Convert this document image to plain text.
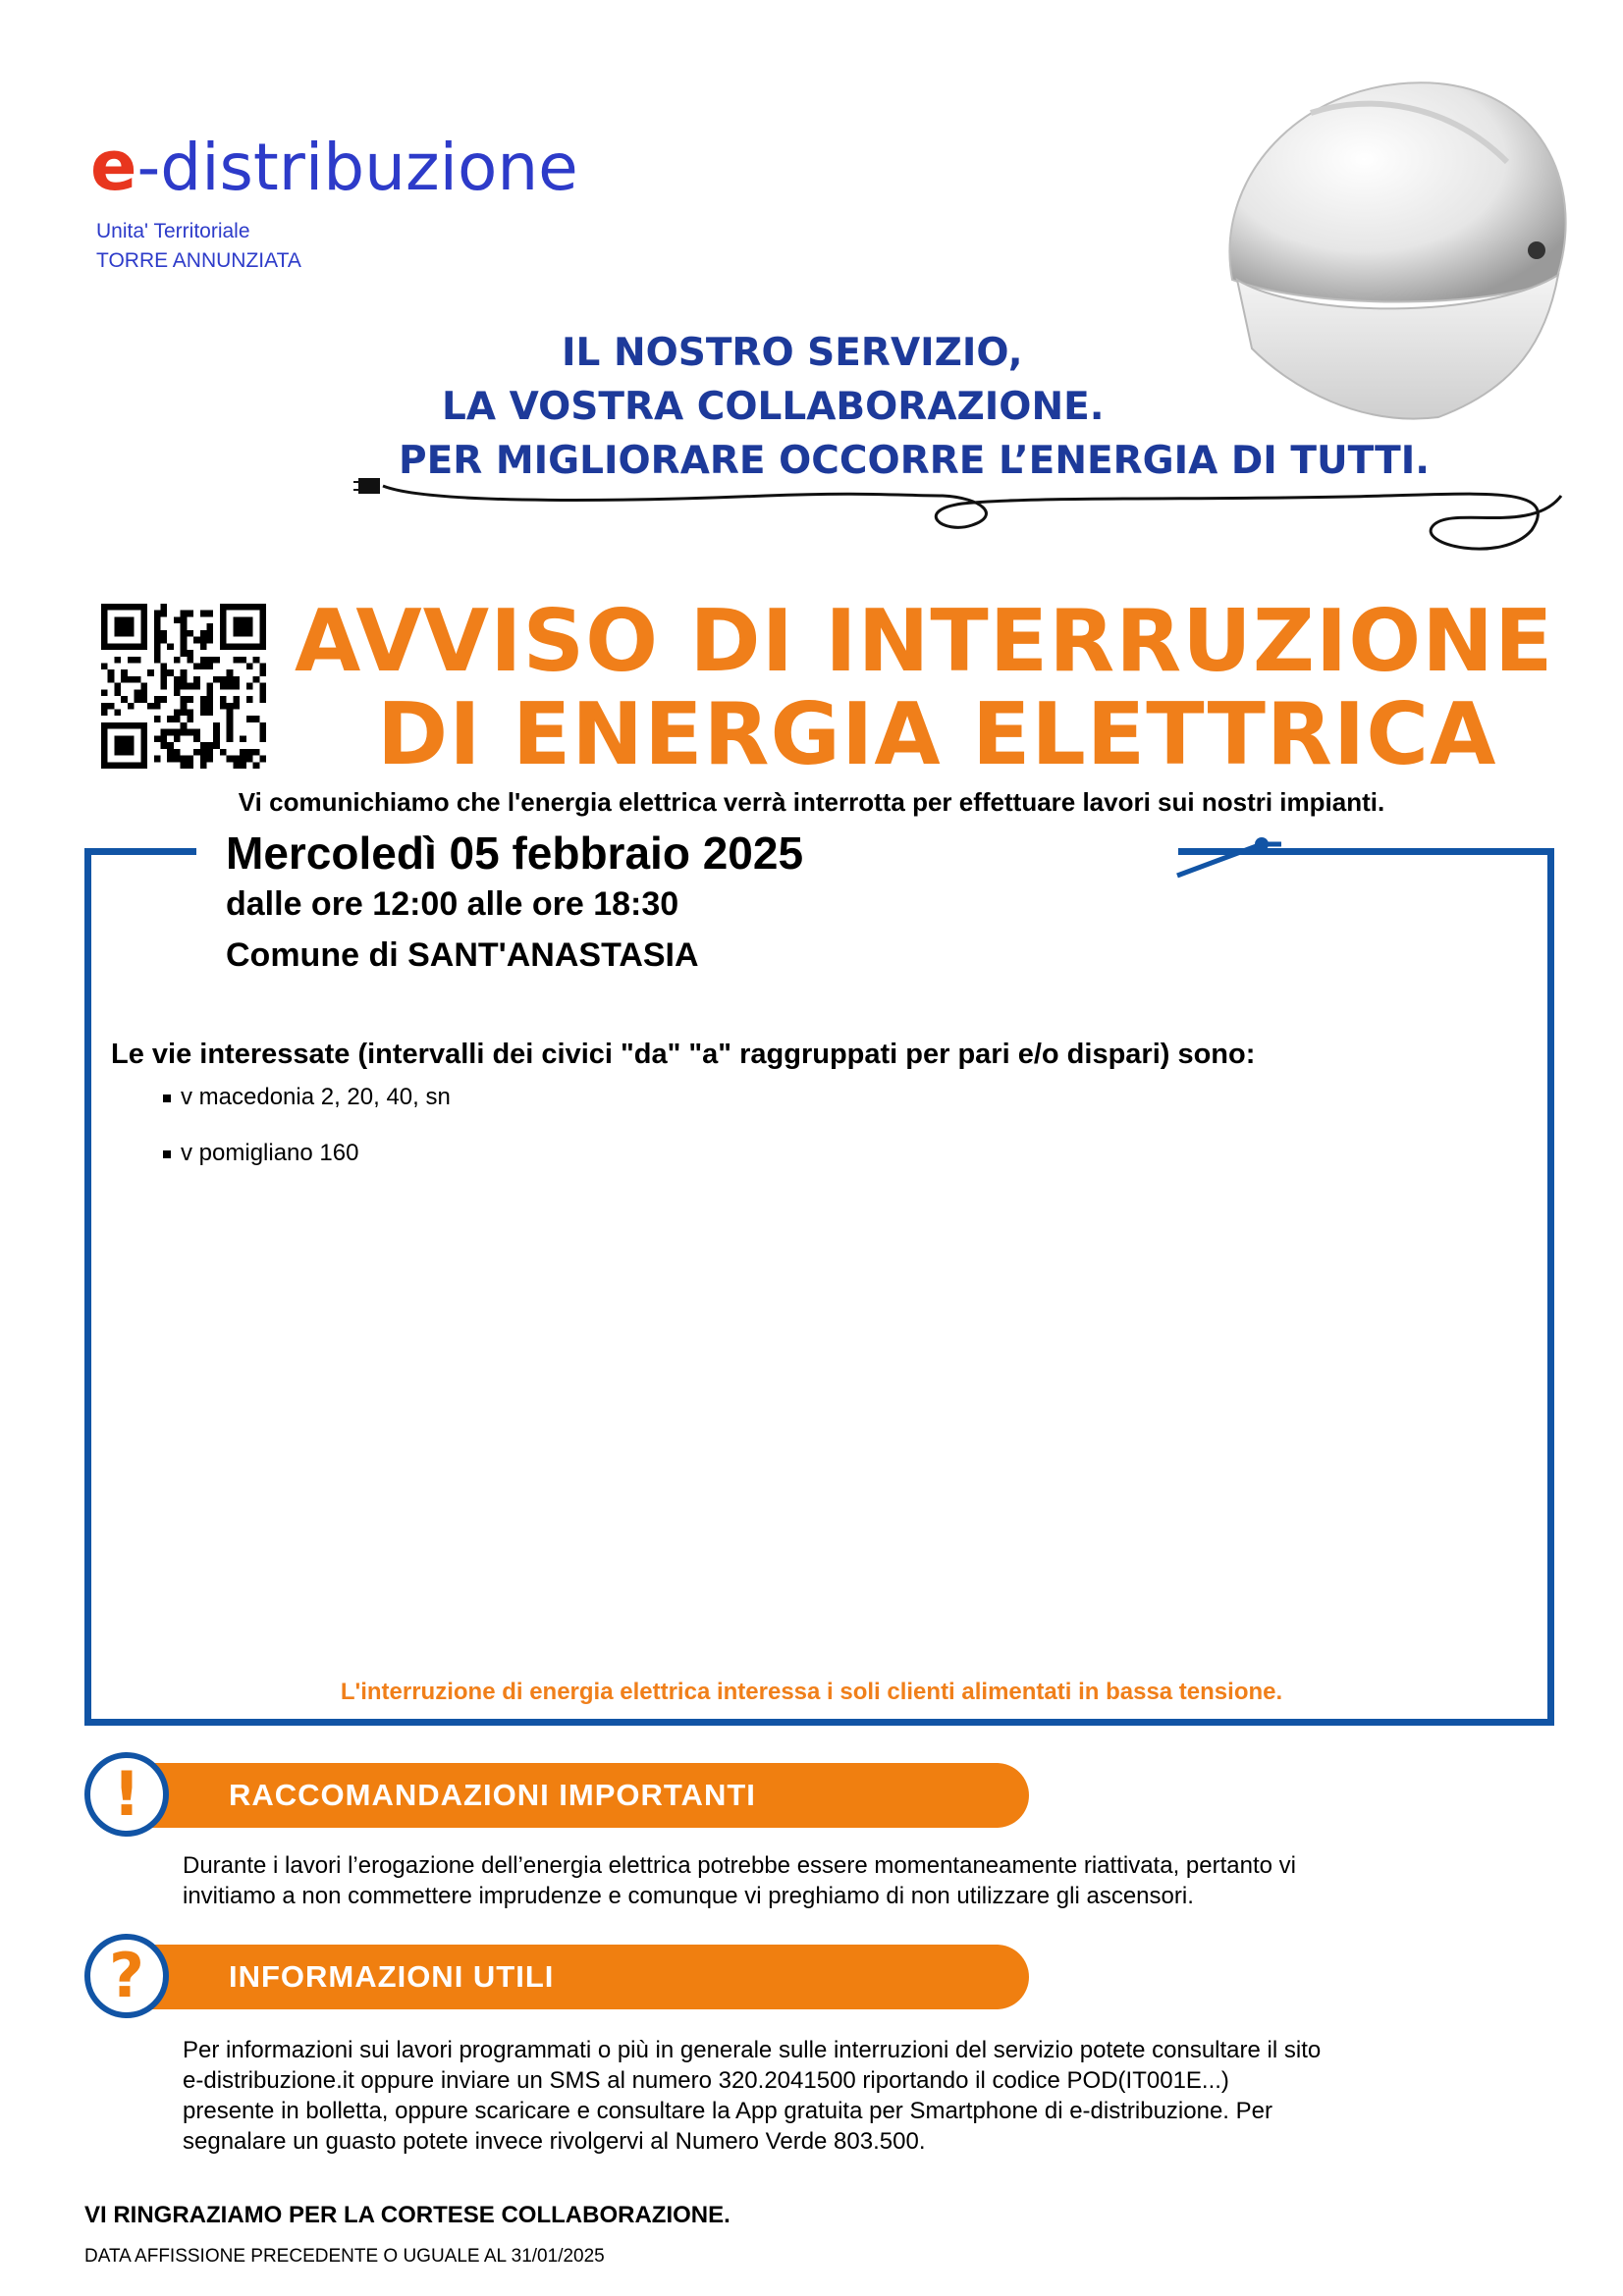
e-distribuzione
Unita' Territoriale
TORRE ANNUNZIATA
IL NOSTRO SERVIZIO,
LA VOSTRA COLLABORAZIONE.
PER MIGLIORARE OCCORRE L’ENERGIA DI TUTTI.
AVVISO DI INTERRUZIONE
DI ENERGIA ELETTRICA
Vi comunichiamo che l'energia elettrica verrà interrotta per effettuare lavori sui nostri impianti.
Mercoledì 05 febbraio 2025
dalle ore 12:00 alle ore 18:30
Comune di SANT'ANASTASIA
Le vie interessate (intervalli dei civici "da" "a" raggruppati per pari e/o dispari) sono:
v macedonia 2, 20, 40, sn
v pomigliano 160
L'interruzione di energia elettrica interessa i soli clienti alimentati in bassa tensione.
RACCOMANDAZIONI IMPORTANTI
!
Durante i lavori l’erogazione dell’energia elettrica potrebbe essere momentaneamente riattivata, pertanto vi
invitiamo a non commettere imprudenze e comunque vi preghiamo di non utilizzare gli ascensori.
INFORMAZIONI UTILI
?
Per informazioni sui lavori programmati o più in generale sulle interruzioni del servizio potete consultare il sito
e-distribuzione.it oppure inviare un SMS al numero 320.2041500 riportando il codice POD(IT001E...)
presente in bolletta, oppure scaricare e consultare la App gratuita per Smartphone di e-distribuzione. Per
segnalare un guasto potete invece rivolgervi al Numero Verde 803.500.
VI RINGRAZIAMO PER LA CORTESE COLLABORAZIONE.
DATA AFFISSIONE PRECEDENTE O UGUALE AL 31/01/2025
